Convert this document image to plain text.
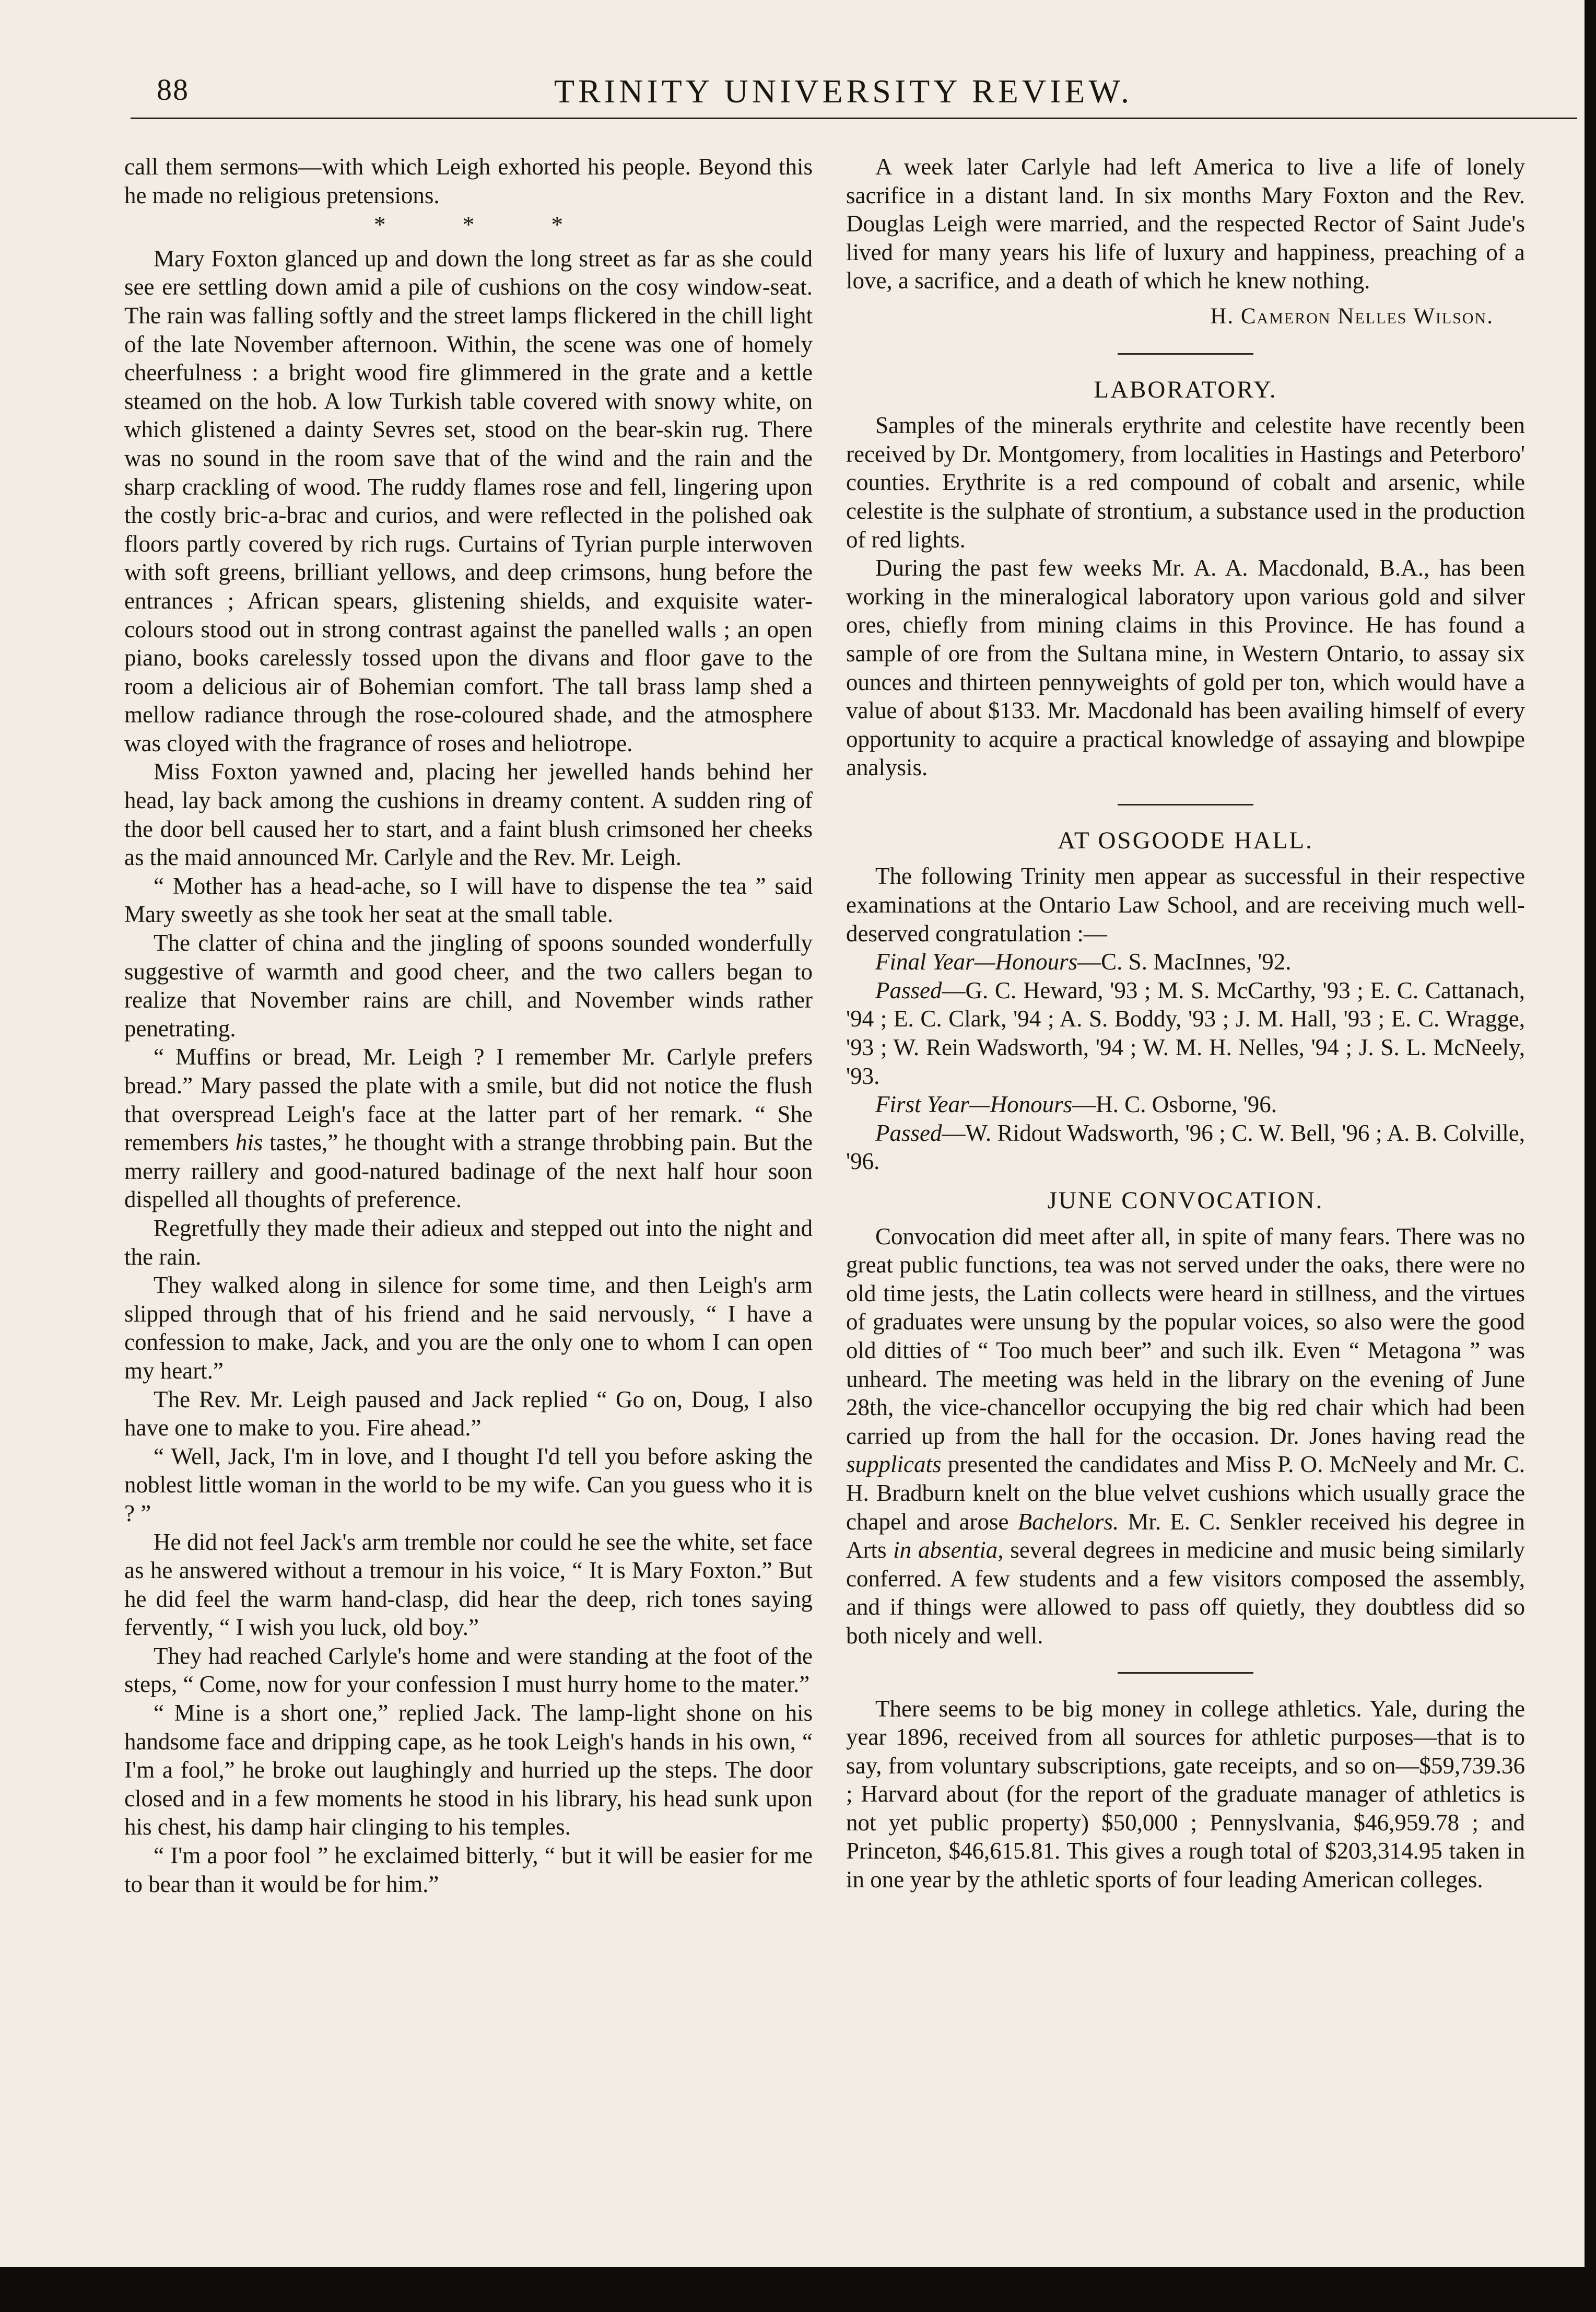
88	TRINITY UNIVERSITY REVIEW.

call them sermons—with which Leigh exhorted his people. Beyond this he made no religious pretensions.

* * *

Mary Foxton glanced up and down the long street as far as she could see ere settling down amid a pile of cushions on the cosy window-seat. The rain was falling softly and the street lamps flickered in the chill light of the late November afternoon. Within, the scene was one of homely cheerfulness : a bright wood fire glimmered in the grate and a kettle steamed on the hob. A low Turkish table covered with snowy white, on which glistened a dainty Sevres set, stood on the bear-skin rug. There was no sound in the room save that of the wind and the rain and the sharp crackling of wood. The ruddy flames rose and fell, lingering upon the costly bric-a-brac and curios, and were reflected in the polished oak floors partly covered by rich rugs. Curtains of Tyrian purple interwoven with soft greens, brilliant yellows, and deep crimsons, hung before the entrances ; African spears, glistening shields, and exquisite water-colours stood out in strong contrast against the panelled walls ; an open piano, books carelessly tossed upon the divans and floor gave to the room a delicious air of Bohemian comfort. The tall brass lamp shed a mellow radiance through the rose-coloured shade, and the atmosphere was cloyed with the fragrance of roses and heliotrope.

Miss Foxton yawned and, placing her jewelled hands behind her head, lay back among the cushions in dreamy content. A sudden ring of the door bell caused her to start, and a faint blush crimsoned her cheeks as the maid announced Mr. Carlyle and the Rev. Mr. Leigh.

“ Mother has a head-ache, so I will have to dispense the tea ” said Mary sweetly as she took her seat at the small table.

The clatter of china and the jingling of spoons sounded wonderfully suggestive of warmth and good cheer, and the two callers began to realize that November rains are chill, and November winds rather penetrating.

“ Muffins or bread, Mr. Leigh ? I remember Mr. Carlyle prefers bread.” Mary passed the plate with a smile, but did not notice the flush that overspread Leigh's face at the latter part of her remark. “ She remembers his tastes,” he thought with a strange throbbing pain. But the merry raillery and good-natured badinage of the next half hour soon dispelled all thoughts of preference.

Regretfully they made their adieux and stepped out into the night and the rain.

They walked along in silence for some time, and then Leigh's arm slipped through that of his friend and he said nervously, “ I have a confession to make, Jack, and you are the only one to whom I can open my heart.”

The Rev. Mr. Leigh paused and Jack replied “ Go on, Doug, I also have one to make to you. Fire ahead.”

“ Well, Jack, I'm in love, and I thought I'd tell you before asking the noblest little woman in the world to be my wife. Can you guess who it is ? ”

He did not feel Jack's arm tremble nor could he see the white, set face as he answered without a tremour in his voice, “ It is Mary Foxton.” But he did feel the warm hand-clasp, did hear the deep, rich tones saying fervently, “ I wish you luck, old boy.”

They had reached Carlyle's home and were standing at the foot of the steps, “ Come, now for your confession I must hurry home to the mater.”

“ Mine is a short one,” replied Jack. The lamp-light shone on his handsome face and dripping cape, as he took Leigh's hands in his own, “ I'm a fool,” he broke out laughingly and hurried up the steps. The door closed and in a few moments he stood in his library, his head sunk upon his chest, his damp hair clinging to his temples.

“ I'm a poor fool ” he exclaimed bitterly, “ but it will be easier for me to bear than it would be for him.”

A week later Carlyle had left America to live a life of lonely sacrifice in a distant land. In six months Mary Foxton and the Rev. Douglas Leigh were married, and the respected Rector of Saint Jude's lived for many years his life of luxury and happiness, preaching of a love, a sacrifice, and a death of which he knew nothing.

H. Cameron Nelles Wilson.
LABORATORY.

Samples of the minerals erythrite and celestite have recently been received by Dr. Montgomery, from localities in Hastings and Peterboro' counties. Erythrite is a red compound of cobalt and arsenic, while celestite is the sulphate of strontium, a substance used in the production of red lights.

During the past few weeks Mr. A. A. Macdonald, B.A., has been working in the mineralogical laboratory upon various gold and silver ores, chiefly from mining claims in this Province. He has found a sample of ore from the Sultana mine, in Western Ontario, to assay six ounces and thirteen pennyweights of gold per ton, which would have a value of about $133. Mr. Macdonald has been availing himself of every opportunity to acquire a practical knowledge of assaying and blowpipe analysis.

AT OSGOODE HALL.

The following Trinity men appear as successful in their respective examinations at the Ontario Law School, and are receiving much well-deserved congratulation :—

Final Year—Honours—C. S. MacInnes, '92.

Passed—G. C. Heward, '93 ; M. S. McCarthy, '93 ; E. C. Cattanach, '94 ; E. C. Clark, '94 ; A. S. Boddy, '93 ; J. M. Hall, '93 ; E. C. Wragge, '93 ; W. Rein Wadsworth, '94 ; W. M. H. Nelles, '94 ; J. S. L. McNeely, '93.

First Year—Honours—H. C. Osborne, '96.

Passed—W. Ridout Wadsworth, '96 ; C. W. Bell, '96 ; A. B. Colville, '96.

JUNE CONVOCATION.

Convocation did meet after all, in spite of many fears. There was no great public functions, tea was not served under the oaks, there were no old time jests, the Latin collects were heard in stillness, and the virtues of graduates were unsung by the popular voices, so also were the good old ditties of “ Too much beer” and such ilk. Even “ Metagona ” was unheard. The meeting was held in the library on the evening of June 28th, the vice-chancellor occupying the big red chair which had been carried up from the hall for the occasion. Dr. Jones having read the supplicats presented the candidates and Miss P. O. McNeely and Mr. C. H. Bradburn knelt on the blue velvet cushions which usually grace the chapel and arose Bachelors. Mr. E. C. Senkler received his degree in Arts in absentia, several degrees in medicine and music being similarly conferred. A few students and a few visitors composed the assembly, and if things were allowed to pass off quietly, they doubtless did so both nicely and well.

There seems to be big money in college athletics. Yale, during the year 1896, received from all sources for athletic purposes—that is to say, from voluntary subscriptions, gate receipts, and so on—$59,739.36 ; Harvard about (for the report of the graduate manager of athletics is not yet public property) $50,000 ; Pennyslvania, $46,959.78 ; and Princeton, $46,615.81. This gives a rough total of $203,314.95 taken in in one year by the athletic sports of four leading American colleges.
